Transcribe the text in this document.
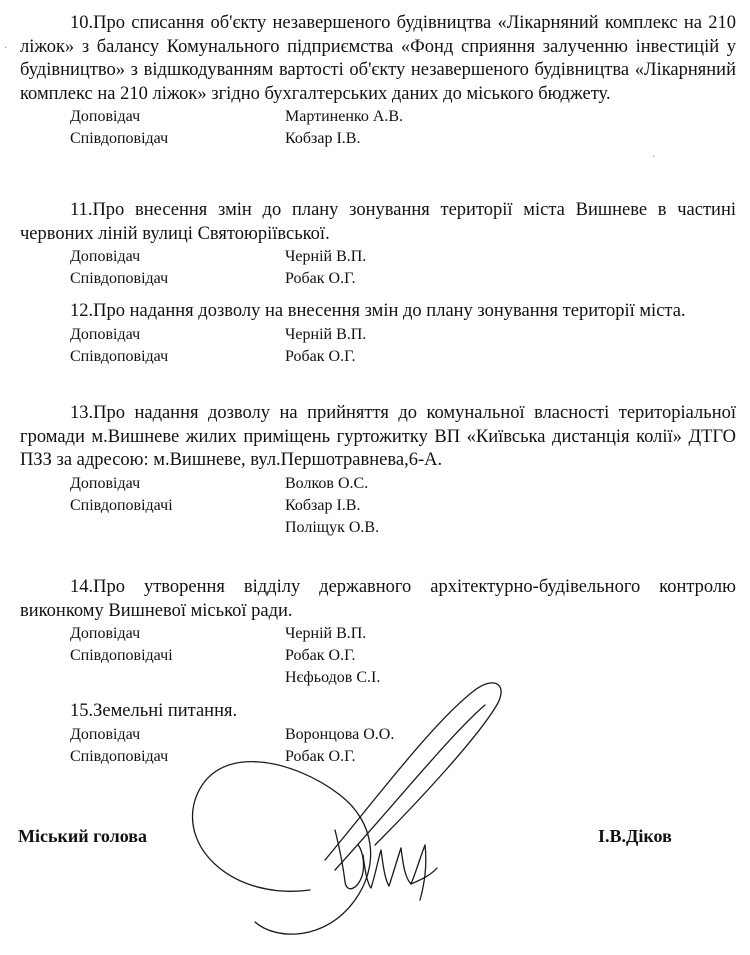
10.Про списання об'єкту незавершеного будівництва «Лікарняний комплекс на 210 ліжок» з балансу Комунального підприємства «Фонд сприяння залученню інвестицій у будівництво» з відшкодуванням вартості об'єкту незавершеного будівництва «Лікарняний комплекс на 210 ліжок» згідно бухгалтерських даних до міського бюджету.

Доповідач	Мартиненко А.В.
Співдоповідач	Кобзар І.В.

11.Про внесення змін до плану зонування території міста Вишневе в частині червоних ліній вулиці Святоюріївської.

Доповідач	Черній В.П.
Співдоповідач	Робак О.Г.

12.Про надання дозволу на внесення змін до плану зонування території міста.

Доповідач	Черній В.П.
Співдоповідач	Робак О.Г.

13.Про надання дозволу на прийняття до комунальної власності територіальної громади м.Вишневе жилих приміщень гуртожитку ВП «Київська дистанція колії» ДТГО ПЗЗ за адресою: м.Вишневе, вул.Першотравнева,6-А.

Доповідач	Волков О.С.
Співдоповідачі	Кобзар І.В.
Поліщук О.В.

14.Про утворення відділу державного архітектурно-будівельного контролю виконкому Вишневої міської ради.

Доповідач	Черній В.П.
Співдоповідачі	Робак О.Г.
Нєфьодов С.І.

15.Земельні питання.

Доповідач	Воронцова О.О.
Співдоповідач	Робак О.Г.
·
·
Міський голова	І.В.Діков
